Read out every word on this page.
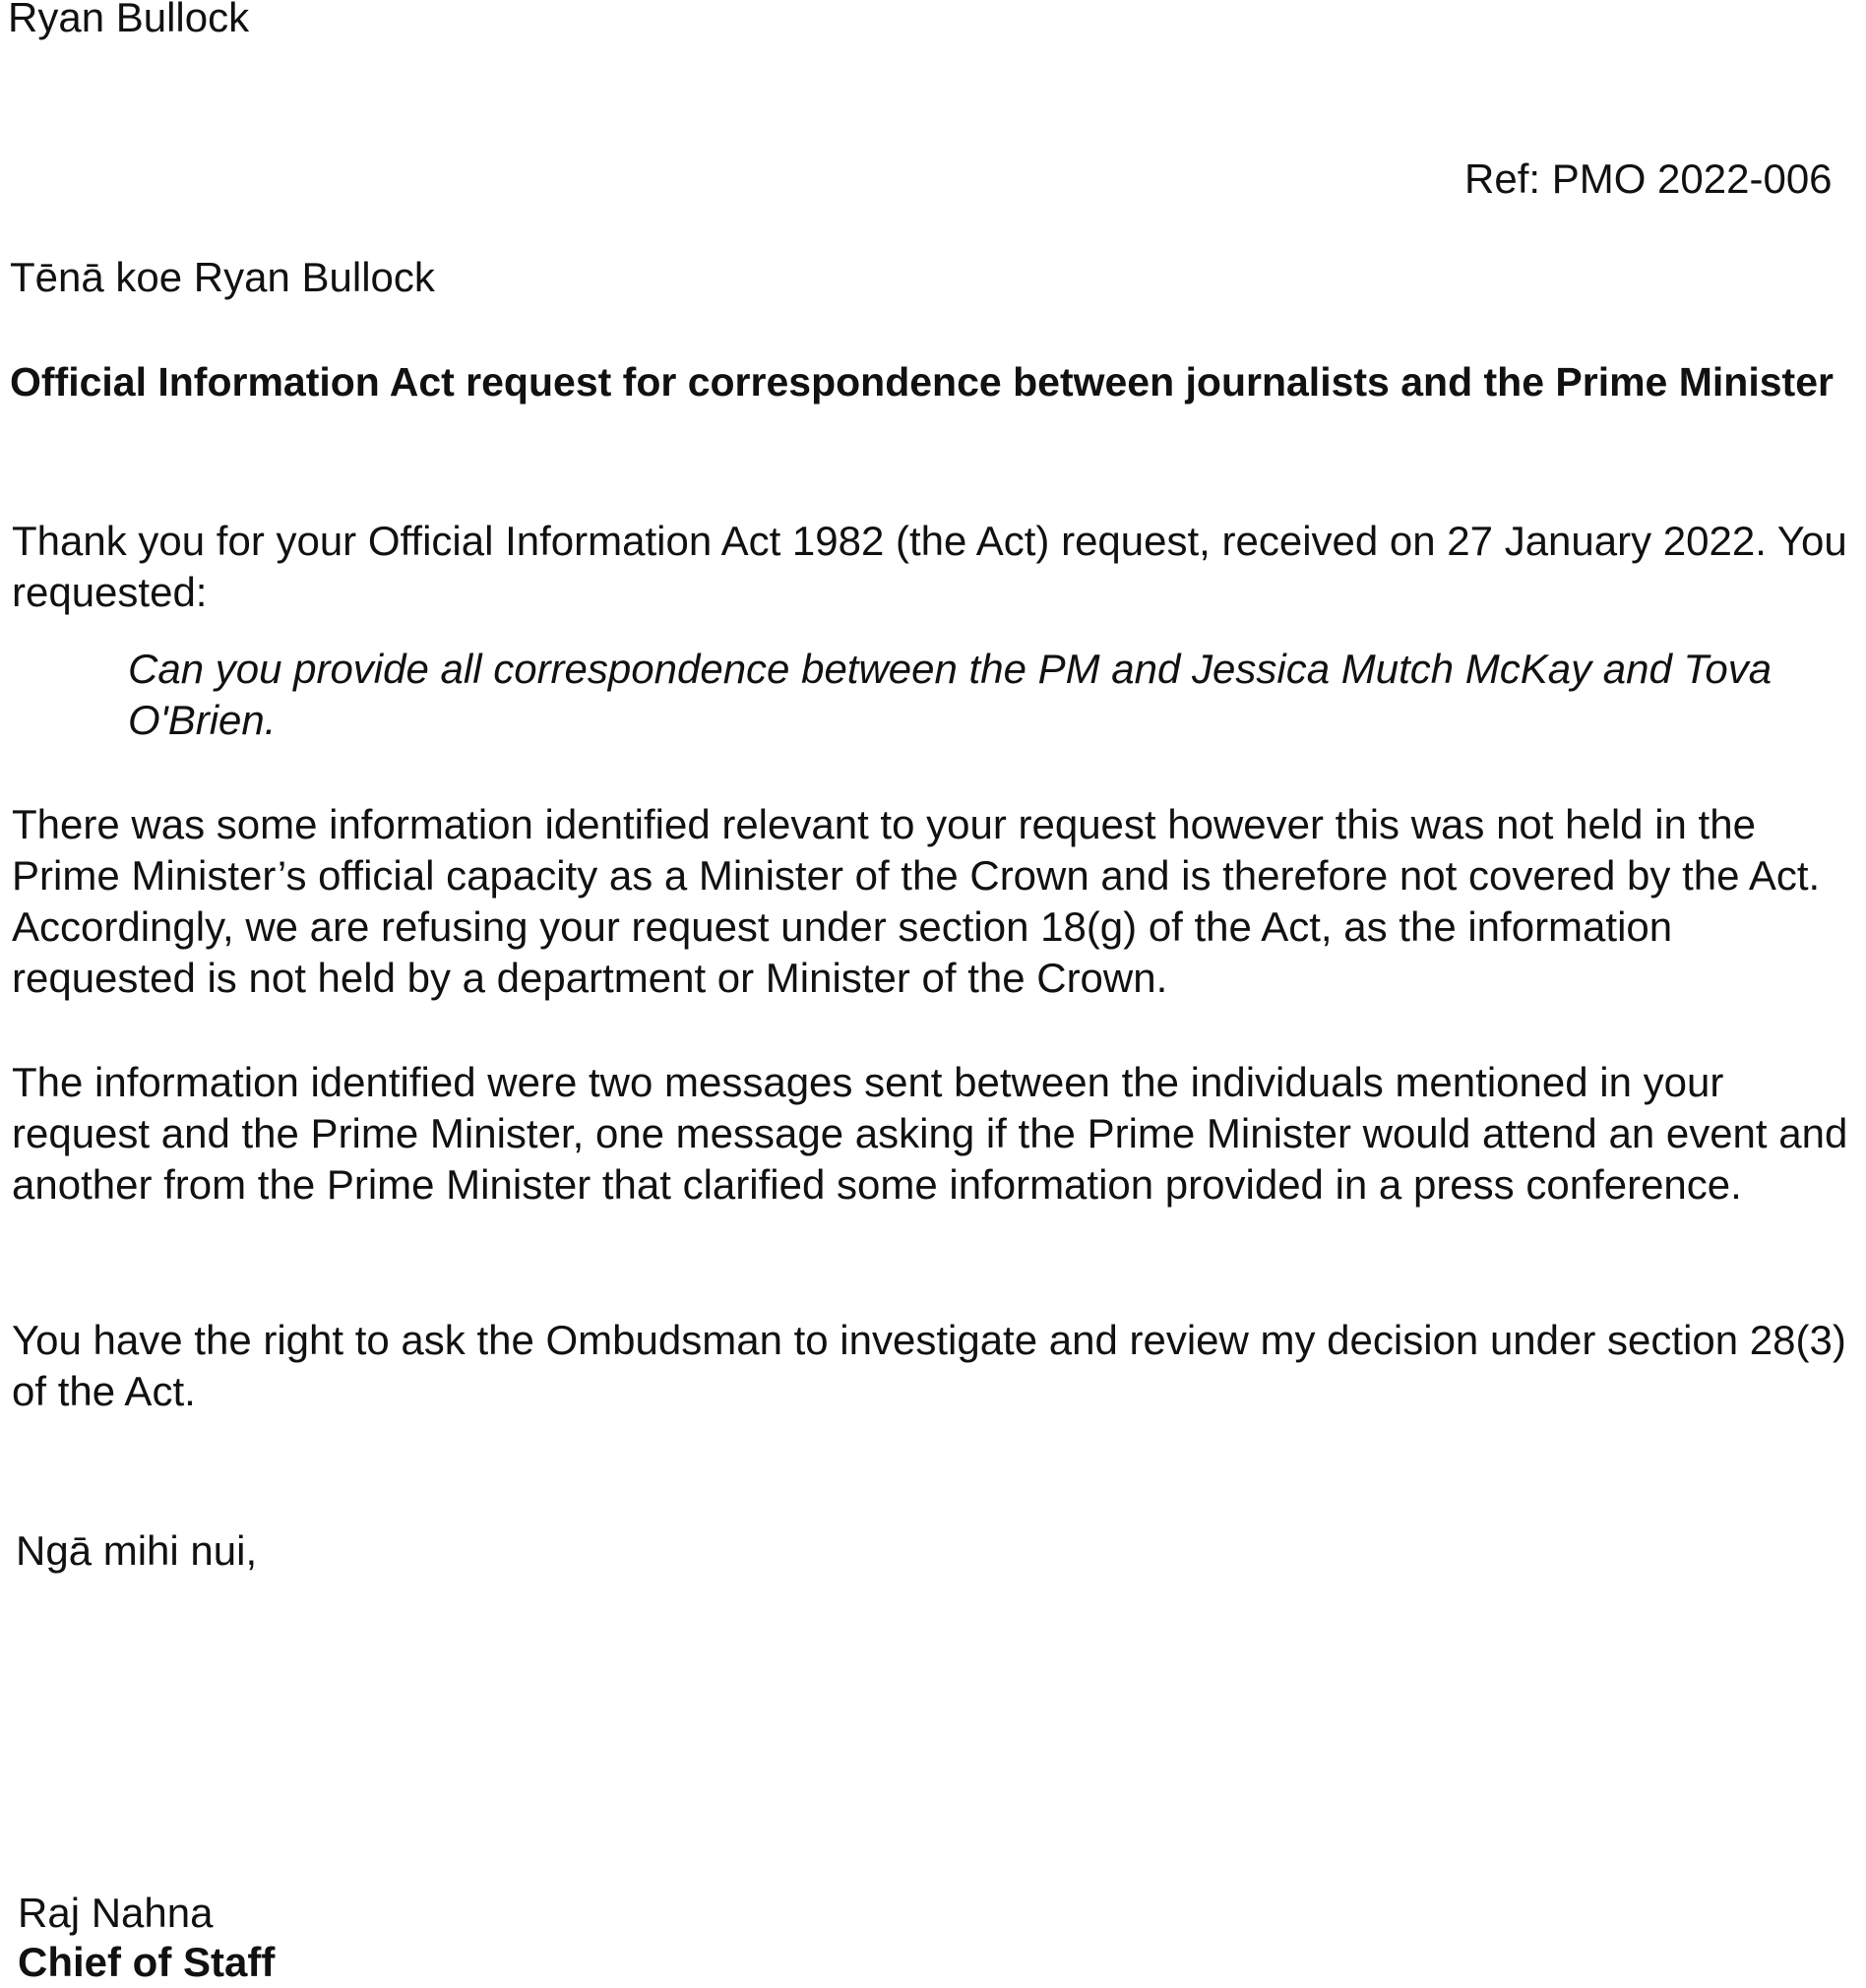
Ryan Bullock
Ref: PMO 2022-006
Tēnā koe Ryan Bullock
Official Information Act request for correspondence between journalists and the Prime Minister

Thank you for your Official Information Act 1982 (the Act) request, received on 27 January 2022. You requested:

Can you provide all correspondence between the PM and Jessica Mutch McKay and Tova O'Brien.

There was some information identified relevant to your request however this was not held in the Prime Minister’s official capacity as a Minister of the Crown and is therefore not covered by the Act. Accordingly, we are refusing your request under section 18(g) of the Act, as the information requested is not held by a department or Minister of the Crown.

The information identified were two messages sent between the individuals mentioned in your request and the Prime Minister, one message asking if the Prime Minister would attend an event and another from the Prime Minister that clarified some information provided in a press conference.

You have the right to ask the Ombudsman to investigate and review my decision under section 28(3) of the Act.

Ngā mihi nui,
Raj Nahna
Chief of Staff
